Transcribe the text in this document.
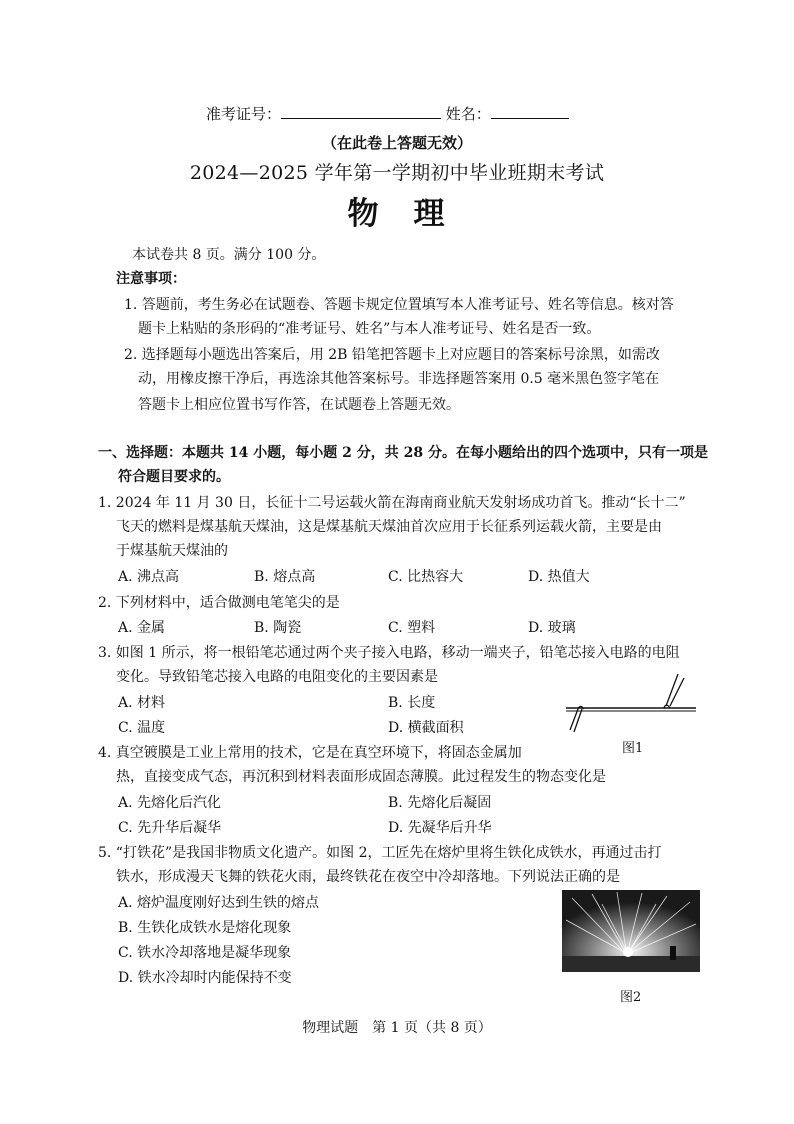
准考证号：	姓名：
（在此卷上答题无效）
2024—2025 学年第一学期初中毕业班期末考试
物　理
本试卷共 8 页。满分 100 分。
注意事项：
1. 答题前，考生务必在试题卷、答题卡规定位置填写本人准考证号、姓名等信息。核对答
题卡上粘贴的条形码的“准考证号、姓名”与本人准考证号、姓名是否一致。
2. 选择题每小题选出答案后，用 2B 铅笔把答题卡上对应题目的答案标号涂黑，如需改
动，用橡皮擦干净后，再选涂其他答案标号。非选择题答案用 0.5 毫米黑色签字笔在
答题卡上相应位置书写作答，在试题卷上答题无效。
一、选择题：本题共 14 小题，每小题 2 分，共 28 分。在每小题给出的四个选项中，只有一项是
符合题目要求的。
1. 2024 年 11 月 30 日，长征十二号运载火箭在海南商业航天发射场成功首飞。推动“长十二”
飞天的燃料是煤基航天煤油，这是煤基航天煤油首次应用于长征系列运载火箭，主要是由
于煤基航天煤油的
A. 沸点高	B. 熔点高	C. 比热容大	D. 热值大
2. 下列材料中，适合做测电笔笔尖的是
A. 金属	B. 陶瓷	C. 塑料	D. 玻璃
3. 如图 1 所示，将一根铅笔芯通过两个夹子接入电路，移动一端夹子，铅笔芯接入电路的电阻
变化。导致铅笔芯接入电路的电阻变化的主要因素是
A. 材料	B. 长度
C. 温度	D. 横截面积
图1
4. 真空镀膜是工业上常用的技术，它是在真空环境下，将固态金属加
热，直接变成气态，再沉积到材料表面形成固态薄膜。此过程发生的物态变化是
A. 先熔化后汽化	B. 先熔化后凝固
C. 先升华后凝华	D. 先凝华后升华
5. “打铁花”是我国非物质文化遗产。如图 2，工匠先在熔炉里将生铁化成铁水，再通过击打
铁水，形成漫天飞舞的铁花火雨，最终铁花在夜空中冷却落地。下列说法正确的是
A. 熔炉温度刚好达到生铁的熔点
B. 生铁化成铁水是熔化现象
C. 铁水冷却落地是凝华现象
D. 铁水冷却时内能保持不变
图2
物理试题　第 1 页（共 8 页）
